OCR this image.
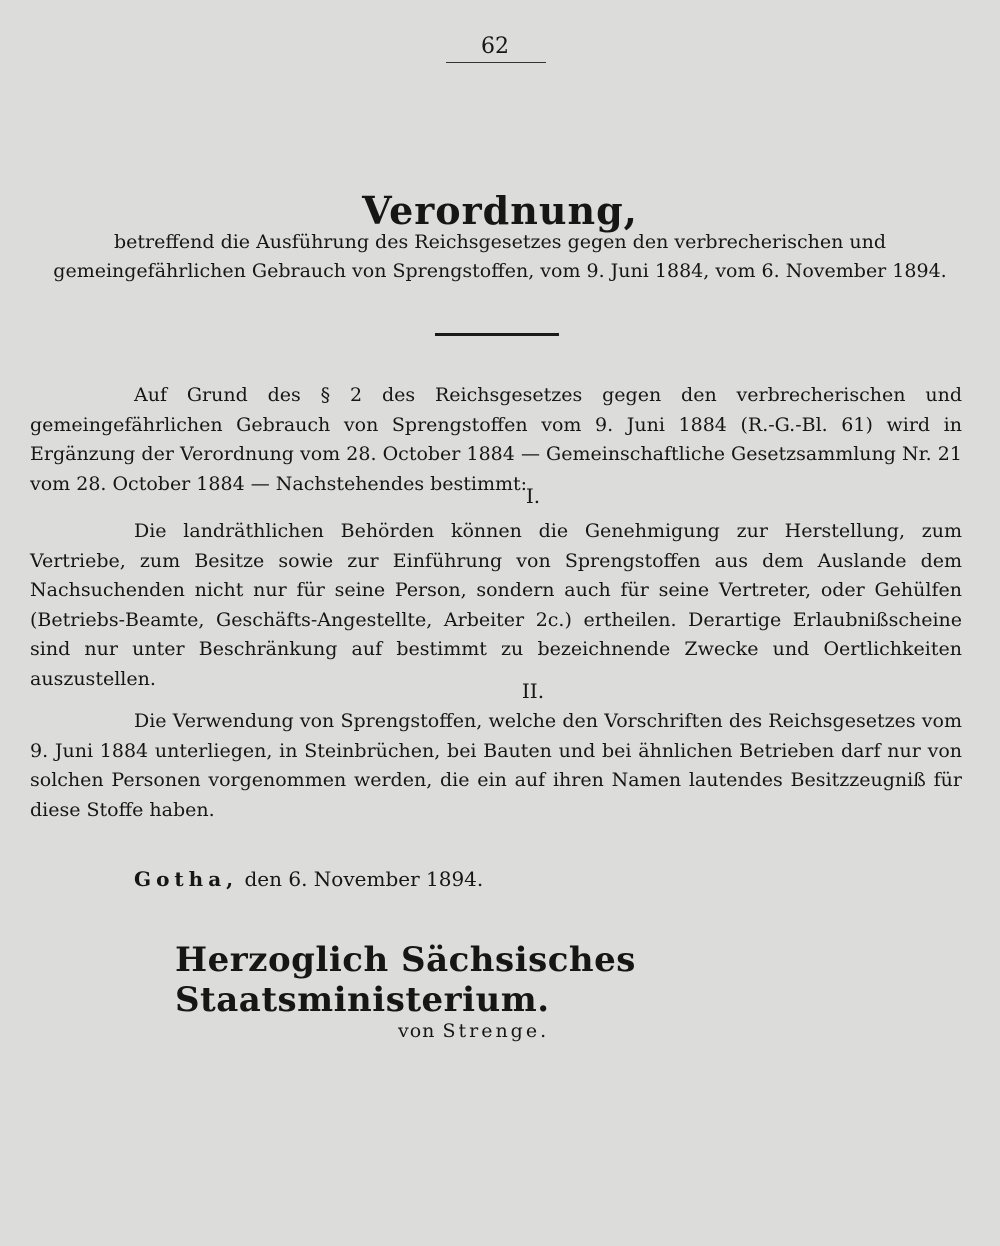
62
Verordnung,
betreffend die Ausführung des Reichsgesetzes gegen den verbrecherischen und gemeingefährlichen Gebrauch von Sprengstoffen, vom 9. Juni 1884, vom 6. November 1894.
Auf Grund des § 2 des Reichsgesetzes gegen den verbrecherischen und gemeingefährlichen Gebrauch von Sprengstoffen vom 9. Juni 1884 (R.-G.-Bl. 61) wird in Ergänzung der Verordnung vom 28. October 1884 — Gemeinschaftliche Gesetzsammlung Nr. 21 vom 28. October 1884 — Nachstehendes bestimmt:
I.
Die landräthlichen Behörden können die Genehmigung zur Herstellung, zum Vertriebe, zum Besitze sowie zur Einführung von Sprengstoffen aus dem Auslande dem Nachsuchenden nicht nur für seine Person, sondern auch für seine Vertreter, oder Gehülfen (Betriebs-Beamte, Geschäfts-Angestellte, Arbeiter 2c.) ertheilen. Derartige Erlaubnißscheine sind nur unter Beschränkung auf bestimmt zu bezeichnende Zwecke und Oertlichkeiten auszustellen.
II.
Die Verwendung von Sprengstoffen, welche den Vorschriften des Reichsgesetzes vom 9. Juni 1884 unterliegen, in Steinbrüchen, bei Bauten und bei ähnlichen Betrieben darf nur von solchen Personen vorgenommen werden, die ein auf ihren Namen lautendes Besitzzeugniß für diese Stoffe haben.
Gotha, den 6. November 1894.
Herzoglich Sächsisches Staatsministerium.
von Strenge.
